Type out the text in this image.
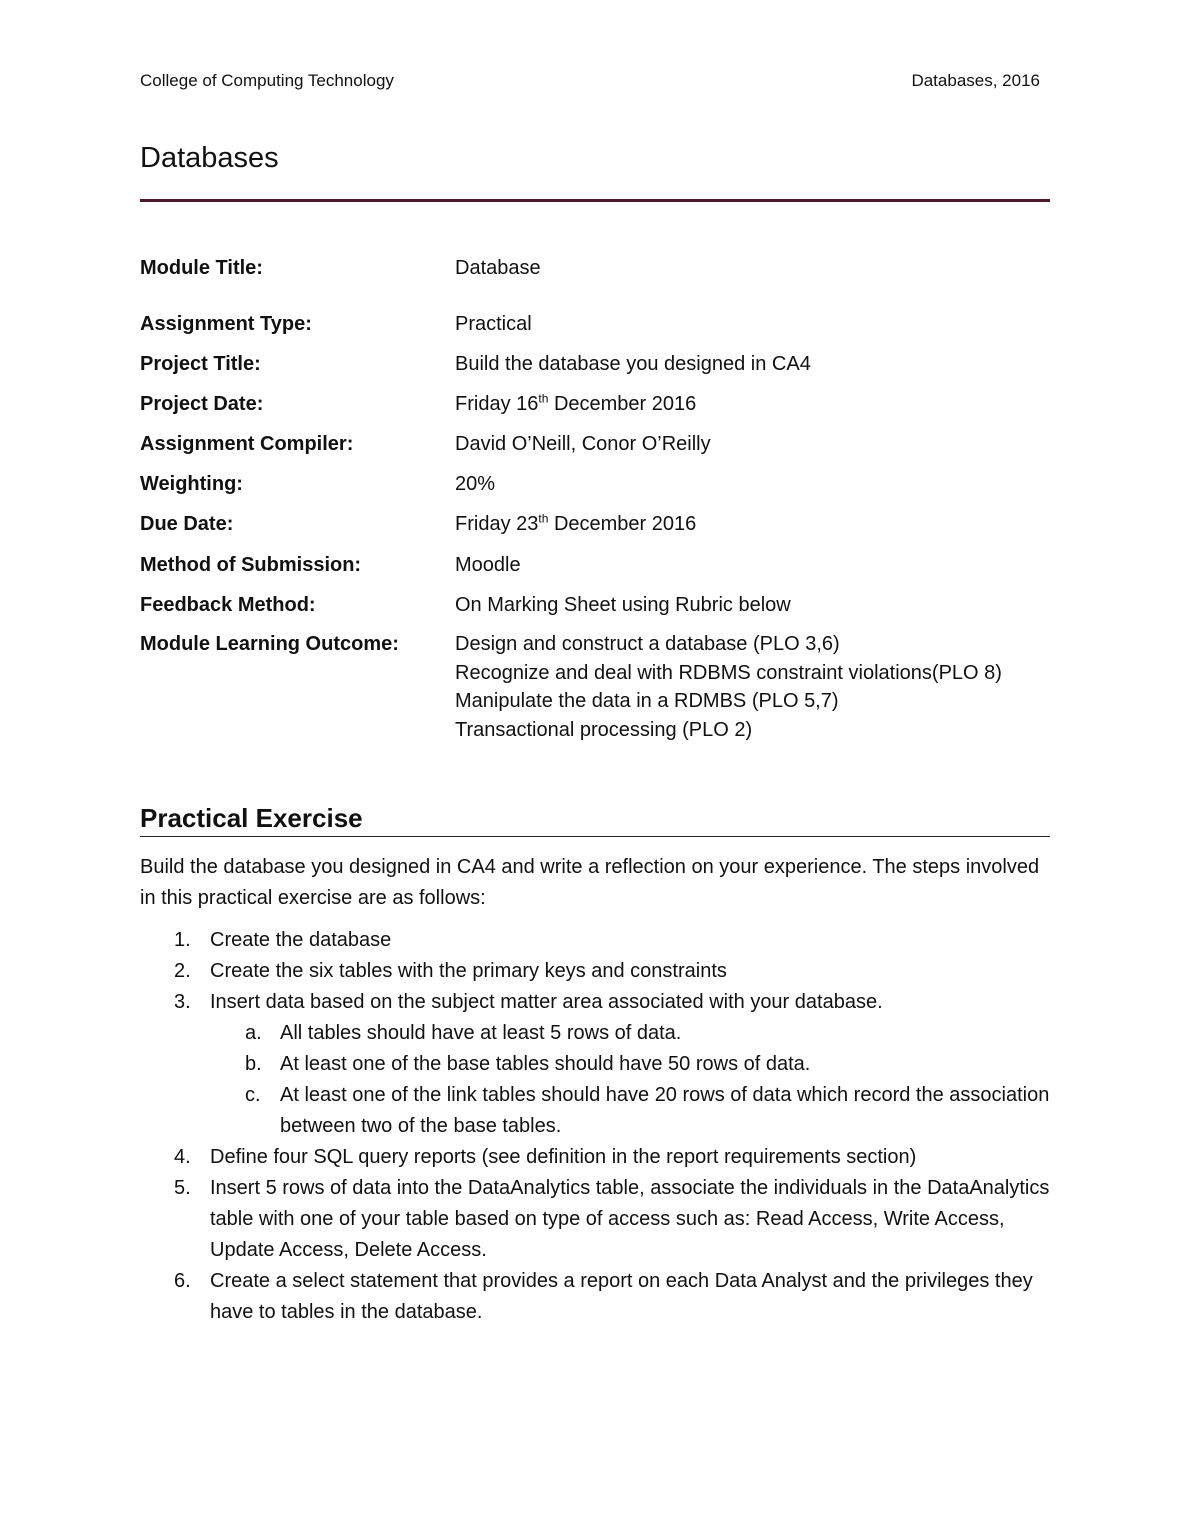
College of Computing Technology	Databases, 2016
Databases
Module Title:	Database
Assignment Type:	Practical
Project Title:	Build the database you designed in CA4
Project Date:	Friday 16th December 2016
Assignment Compiler:	David O’Neill, Conor O’Reilly
Weighting:	20%
Due Date:	Friday 23th December 2016
Method of Submission:	Moodle
Feedback Method:	On Marking Sheet using Rubric below
Module Learning Outcome:	Design and construct a database (PLO 3,6)
Recognize and deal with RDBMS constraint violations(PLO 8)
Manipulate the data in a RDMBS (PLO 5,7)
Transactional processing (PLO 2)
Practical Exercise
Build the database you designed in CA4 and write a reflection on your experience. The steps involved in this practical exercise are as follows:
1. Create the database
2. Create the six tables with the primary keys and constraints
3. Insert data based on the subject matter area associated with your database.
a. All tables should have at least 5 rows of data.
b. At least one of the base tables should have 50 rows of data.
c. At least one of the link tables should have 20 rows of data which record the association between two of the base tables.
4. Define four SQL query reports (see definition in the report requirements section)
5. Insert 5 rows of data into the DataAnalytics table, associate the individuals in the DataAnalytics table with one of your table based on type of access such as: Read Access, Write Access, Update Access, Delete Access.
6. Create a select statement that provides a report on each Data Analyst and the privileges they have to tables in the database.
